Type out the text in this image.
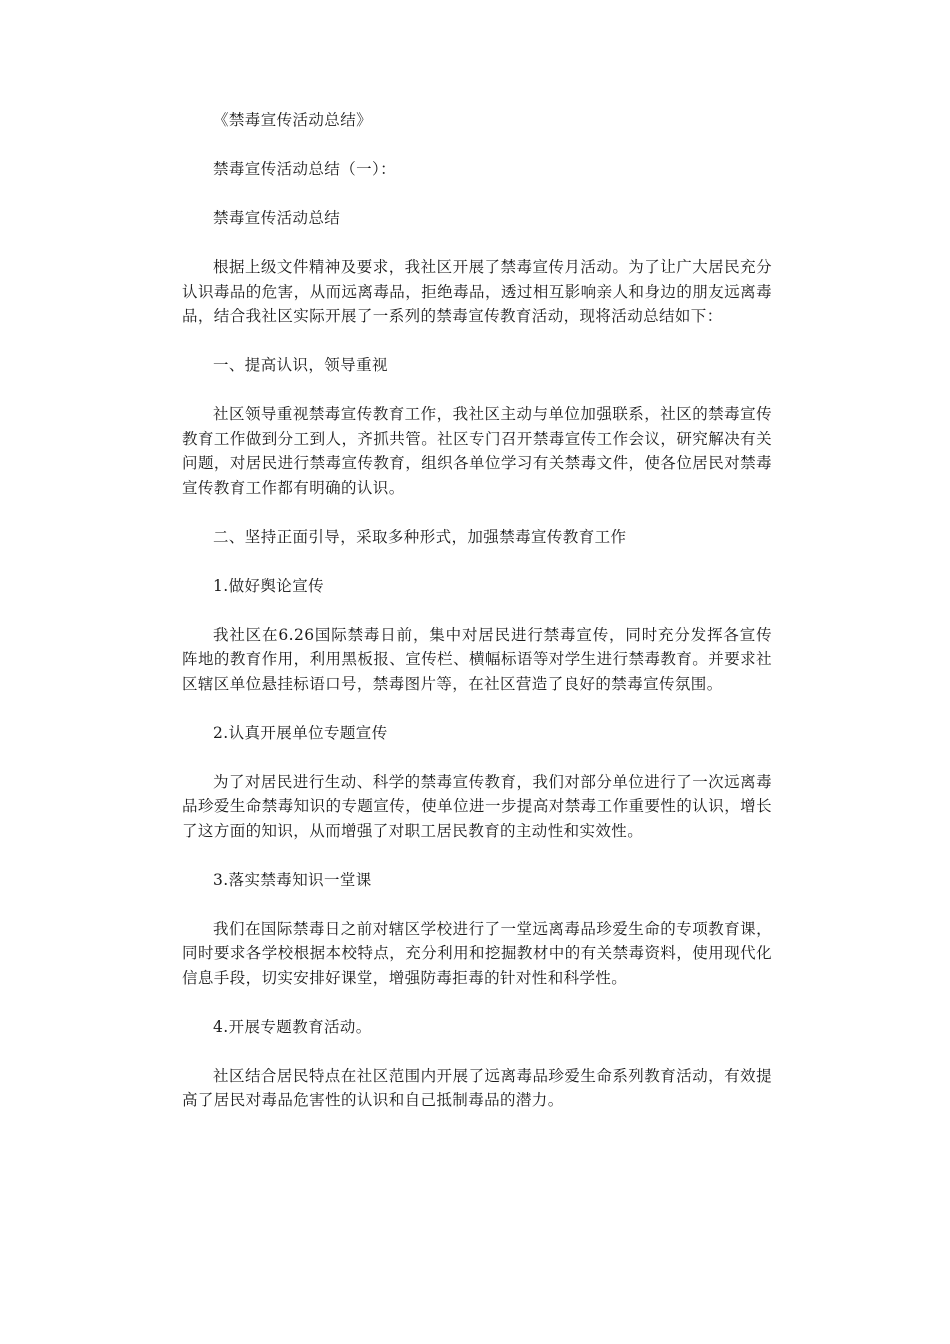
《禁毒宣传活动总结》

禁毒宣传活动总结（一）：

禁毒宣传活动总结

根据上级文件精神及要求，我社区开展了禁毒宣传月活动。为了让广大居民充分认识毒品的危害，从而远离毒品，拒绝毒品，透过相互影响亲人和身边的朋友远离毒品，结合我社区实际开展了一系列的禁毒宣传教育活动，现将活动总结如下：

一、提高认识，领导重视

社区领导重视禁毒宣传教育工作，我社区主动与单位加强联系，社区的禁毒宣传教育工作做到分工到人，齐抓共管。社区专门召开禁毒宣传工作会议，研究解决有关问题，对居民进行禁毒宣传教育，组织各单位学习有关禁毒文件，使各位居民对禁毒宣传教育工作都有明确的认识。

二、坚持正面引导，采取多种形式，加强禁毒宣传教育工作

1.做好舆论宣传

我社区在6.26国际禁毒日前，集中对居民进行禁毒宣传，同时充分发挥各宣传阵地的教育作用，利用黑板报、宣传栏、横幅标语等对学生进行禁毒教育。并要求社区辖区单位悬挂标语口号，禁毒图片等，在社区营造了良好的禁毒宣传氛围。

2.认真开展单位专题宣传

为了对居民进行生动、科学的禁毒宣传教育，我们对部分单位进行了一次远离毒品珍爱生命禁毒知识的专题宣传，使单位进一步提高对禁毒工作重要性的认识，增长了这方面的知识，从而增强了对职工居民教育的主动性和实效性。

3.落实禁毒知识一堂课

我们在国际禁毒日之前对辖区学校进行了一堂远离毒品珍爱生命的专项教育课，同时要求各学校根据本校特点，充分利用和挖掘教材中的有关禁毒资料，使用现代化信息手段，切实安排好课堂，增强防毒拒毒的针对性和科学性。

4.开展专题教育活动。

社区结合居民特点在社区范围内开展了远离毒品珍爱生命系列教育活动，有效提高了居民对毒品危害性的认识和自己抵制毒品的潜力。
